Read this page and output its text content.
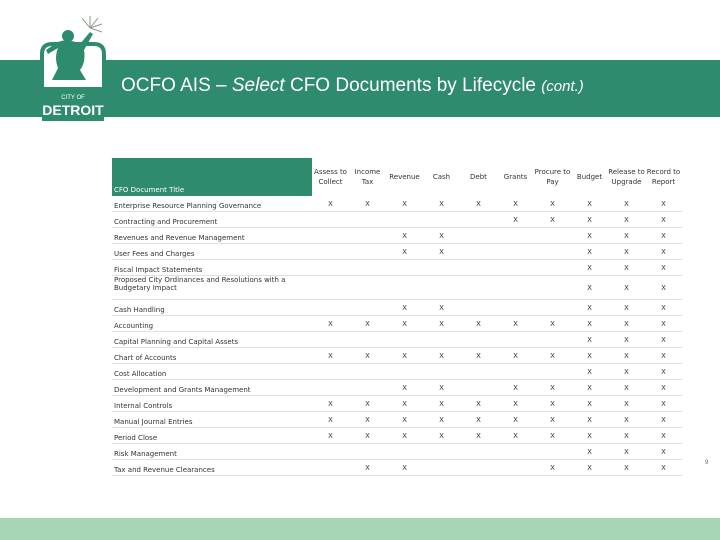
OCFO AIS – Select CFO Documents by Lifecycle (cont.)
CITY OF
DETROIT
CFO Document Title	Assess to Collect	Income Tax	Revenue	Cash	Debt	Grants	Procure to Pay	Budget	Release to Upgrade	Record to Report
Enterprise Resource Planning Governance	X	X	X	X	X	X	X	X	X	X
Contracting and Procurement						X	X	X	X	X
Revenues and Revenue Management			X	X				X	X	X
User Fees and Charges			X	X				X	X	X
Fiscal Impact Statements								X	X	X
Proposed City Ordinances and Resolutions with a Budgetary Impact								X	X	X
Cash Handling			X	X				X	X	X
Accounting	X	X	X	X	X	X	X	X	X	X
Capital Planning and Capital Assets								X	X	X
Chart of Accounts	X	X	X	X	X	X	X	X	X	X
Cost Allocation								X	X	X
Development and Grants Management			X	X		X	X	X	X	X
Internal Controls	X	X	X	X	X	X	X	X	X	X
Manual Journal Entries	X	X	X	X	X	X	X	X	X	X
Period Close	X	X	X	X	X	X	X	X	X	X
Risk Management								X	X	X
Tax and Revenue Clearances		X	X				X	X	X	X
9
